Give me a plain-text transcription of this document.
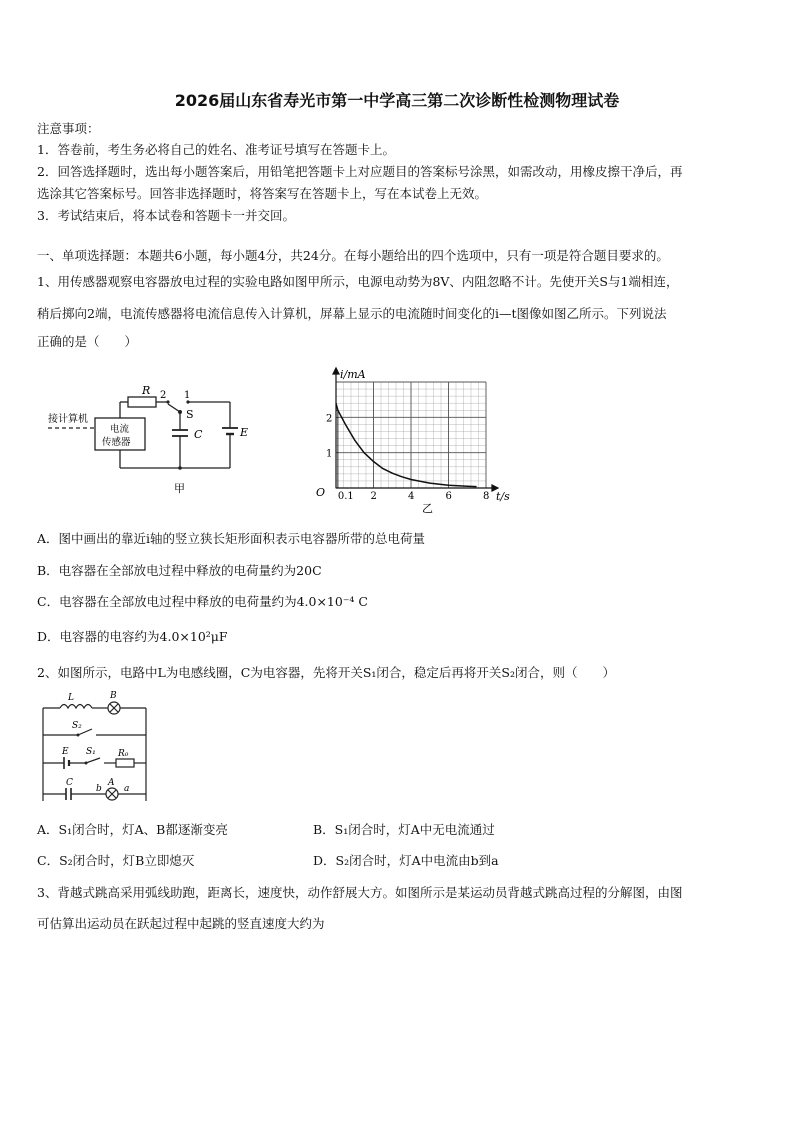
2026届山东省寿光市第一中学高三第二次诊断性检测物理试卷
注意事项：
1．答卷前，考生务必将自己的姓名、准考证号填写在答题卡上。
2．回答选择题时，选出每小题答案后，用铅笔把答题卡上对应题目的答案标号涂黑，如需改动，用橡皮擦干净后，再
选涂其它答案标号。回答非选择题时，将答案写在答题卡上，写在本试卷上无效。
3．考试结束后，将本试卷和答题卡一并交回。
一、单项选择题：本题共6小题，每小题4分，共24分。在每小题给出的四个选项中，只有一项是符合题目要求的。
1、用传感器观察电容器放电过程的实验电路如图甲所示，电源电动势为8V、内阻忽略不计。先使开关S与1端相连，
稍后掷向2端，电流传感器将电流信息传入计算机，屏幕上显示的电流随时间变化的i—t图像如图乙所示。下列说法
正确的是（　　）
接计算机
电流
传感器
R 2 1
S
C	E
甲
0.1 2	4	6	8
1
2
i/mA
t/s
O
乙
A．图中画出的靠近i轴的竖立狭长矩形面积表示电容器所带的总电荷量
B．电容器在全部放电过程中释放的电荷量约为20C
C．电容器在全部放电过程中释放的电荷量约为4.0×10⁻⁴ C
D．电容器的电容约为4.0×10²μF
2、如图所示，电路中L为电感线圈，C为电容器，先将开关S₁闭合，稳定后再将开关S₂闭合，则（　　）
L	B
S₂
E S₁ R₀
C
b
A
a
A．S₁闭合时，灯A、B都逐渐变亮	B．S₁闭合时，灯A中无电流通过
C．S₂闭合时，灯B立即熄灭	D．S₂闭合时，灯A中电流由b到a
3、背越式跳高采用弧线助跑，距离长，速度快，动作舒展大方。如图所示是某运动员背越式跳高过程的分解图，由图
可估算出运动员在跃起过程中起跳的竖直速度大约为
